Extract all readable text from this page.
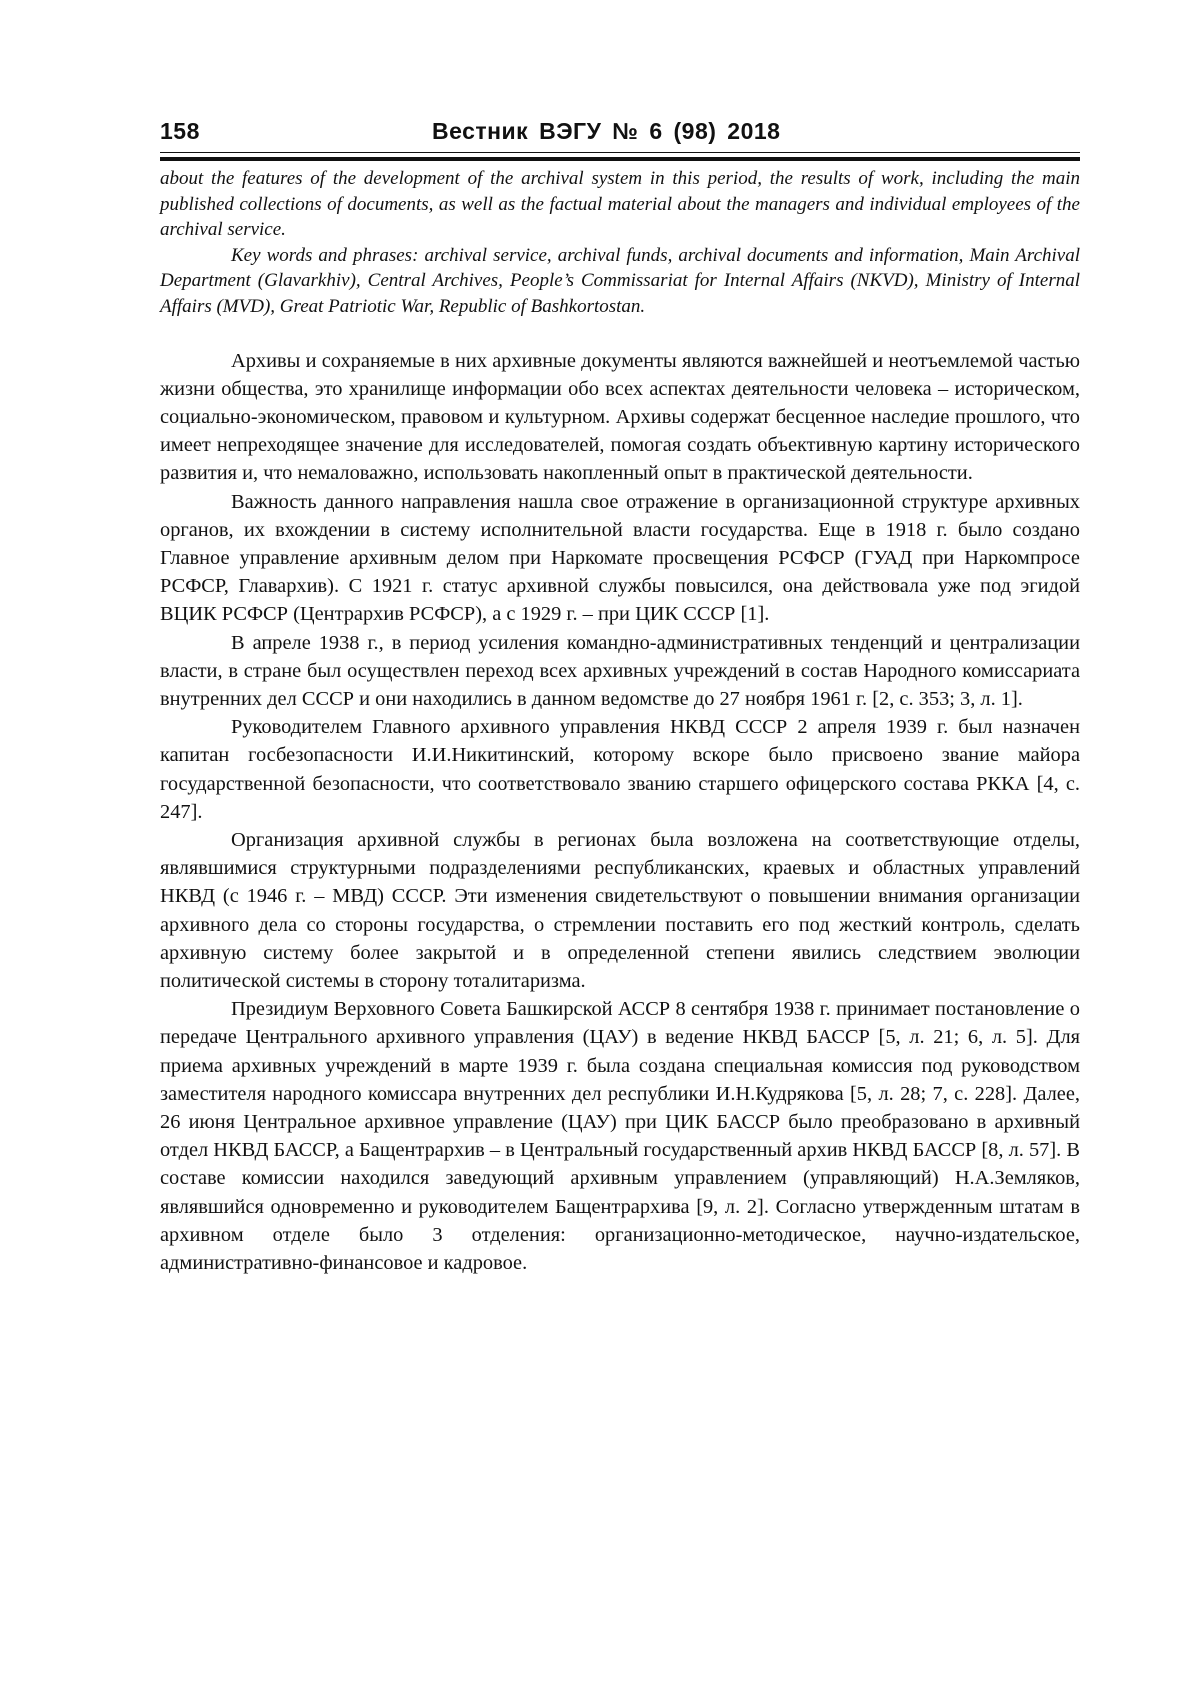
158	Вестник ВЭГУ № 6 (98) 2018

about the features of the development of the archival system in this period, the results of work, including the main published collections of documents, as well as the factual material about the managers and individual employees of the archival service.

Key words and phrases: archival service, archival funds, archival documents and information, Main Archival Department (Glavarkhiv), Central Archives, People’s Commissariat for Internal Affairs (NKVD), Ministry of Internal Affairs (MVD), Great Patriotic War, Republic of Bashkortostan.

Архивы и сохраняемые в них архивные документы являются важнейшей и неотъемлемой частью жизни общества, это хранилище информации обо всех аспектах деятельности человека – историческом, социально-экономическом, правовом и культурном. Архивы содержат бесценное наследие прошлого, что имеет непреходящее значение для исследователей, помогая создать объективную картину исторического развития и, что немаловажно, использовать накопленный опыт в практической деятельности.

Важность данного направления нашла свое отражение в организационной структуре архивных органов, их вхождении в систему исполнительной власти государства. Еще в 1918 г. было создано Главное управление архивным делом при Наркомате просвещения РСФСР (ГУАД при Наркомпросе РСФСР, Главархив). С 1921 г. статус архивной службы повысился, она действовала уже под эгидой ВЦИК РСФСР (Центрархив РСФСР), а с 1929 г. – при ЦИК СССР [1].

В апреле 1938 г., в период усиления командно-административных тенденций и централизации власти, в стране был осуществлен переход всех архивных учреждений в состав Народного комиссариата внутренних дел СССР и они находились в данном ведомстве до 27 ноября 1961 г. [2, с. 353; 3, л. 1].

Руководителем Главного архивного управления НКВД СССР 2 апреля 1939 г. был назначен капитан госбезопасности И.И.Никитинский, которому вскоре было присвоено звание майора государственной безопасности, что соответствовало званию старшего офицерского состава РККА [4, с. 247].

Организация архивной службы в регионах была возложена на соответствующие отделы, являвшимися структурными подразделениями республиканских, краевых и областных управлений НКВД (с 1946 г. – МВД) СССР. Эти изменения свидетельствуют о повышении внимания организации архивного дела со стороны государства, о стремлении поставить его под жесткий контроль, сделать архивную систему более закрытой и в определенной степени явились следствием эволюции политической системы в сторону тоталитаризма.

Президиум Верховного Совета Башкирской АССР 8 сентября 1938 г. принимает постановление о передаче Центрального архивного управления (ЦАУ) в ведение НКВД БАССР [5, л. 21; 6, л. 5]. Для приема архивных учреждений в марте 1939 г. была создана специальная комиссия под руководством заместителя народного комиссара внутренних дел республики И.Н.Кудрякова [5, л. 28; 7, с. 228]. Далее, 26 июня Центральное архивное управление (ЦАУ) при ЦИК БАССР было преобразовано в архивный отдел НКВД БАССР, а Бащентрархив – в Центральный государственный архив НКВД БАССР [8, л. 57]. В составе комиссии находился заведующий архивным управлением (управляющий) Н.А.Земляков, являвшийся одновременно и руководителем Бащентрархива [9, л. 2]. Согласно утвержденным штатам в архивном отделе было 3 отделения: организационно-методическое, научно-издательское, административно-финансовое и кадровое.
